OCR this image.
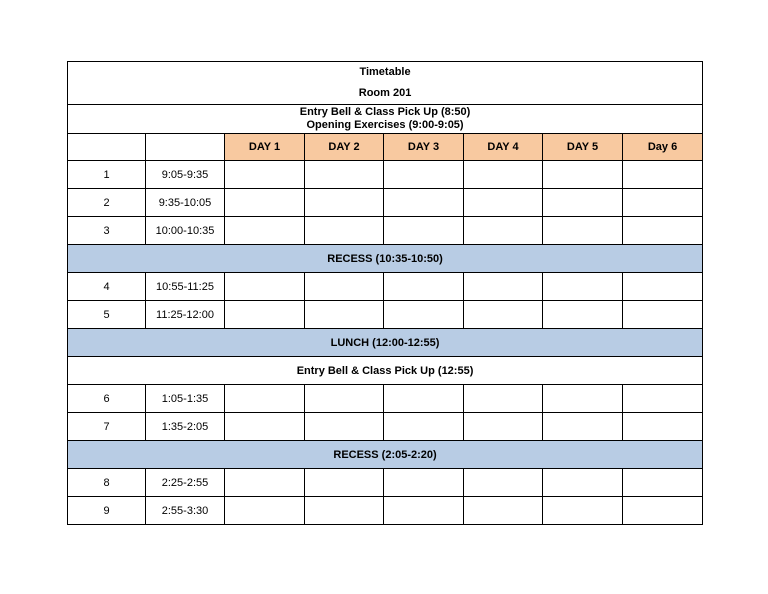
Timetable
Room 201							

Entry Bell & Class Pick Up (8:50)
Opening Exercises (9:00-9:05)							

		DAY 1	DAY 2	DAY 3	DAY 4	DAY 5	Day 6
1	9:05-9:35						
2	9:35-10:05						
3	10:00-10:35						
RECESS (10:35-10:50)							
4	10:55-11:25						
5	11:25-12:00						
LUNCH (12:00-12:55)							
Entry Bell & Class Pick Up (12:55)							
6	1:05-1:35						
7	1:35-2:05						
RECESS (2:05-2:20)							
8	2:25-2:55						
9	2:55-3:30						
